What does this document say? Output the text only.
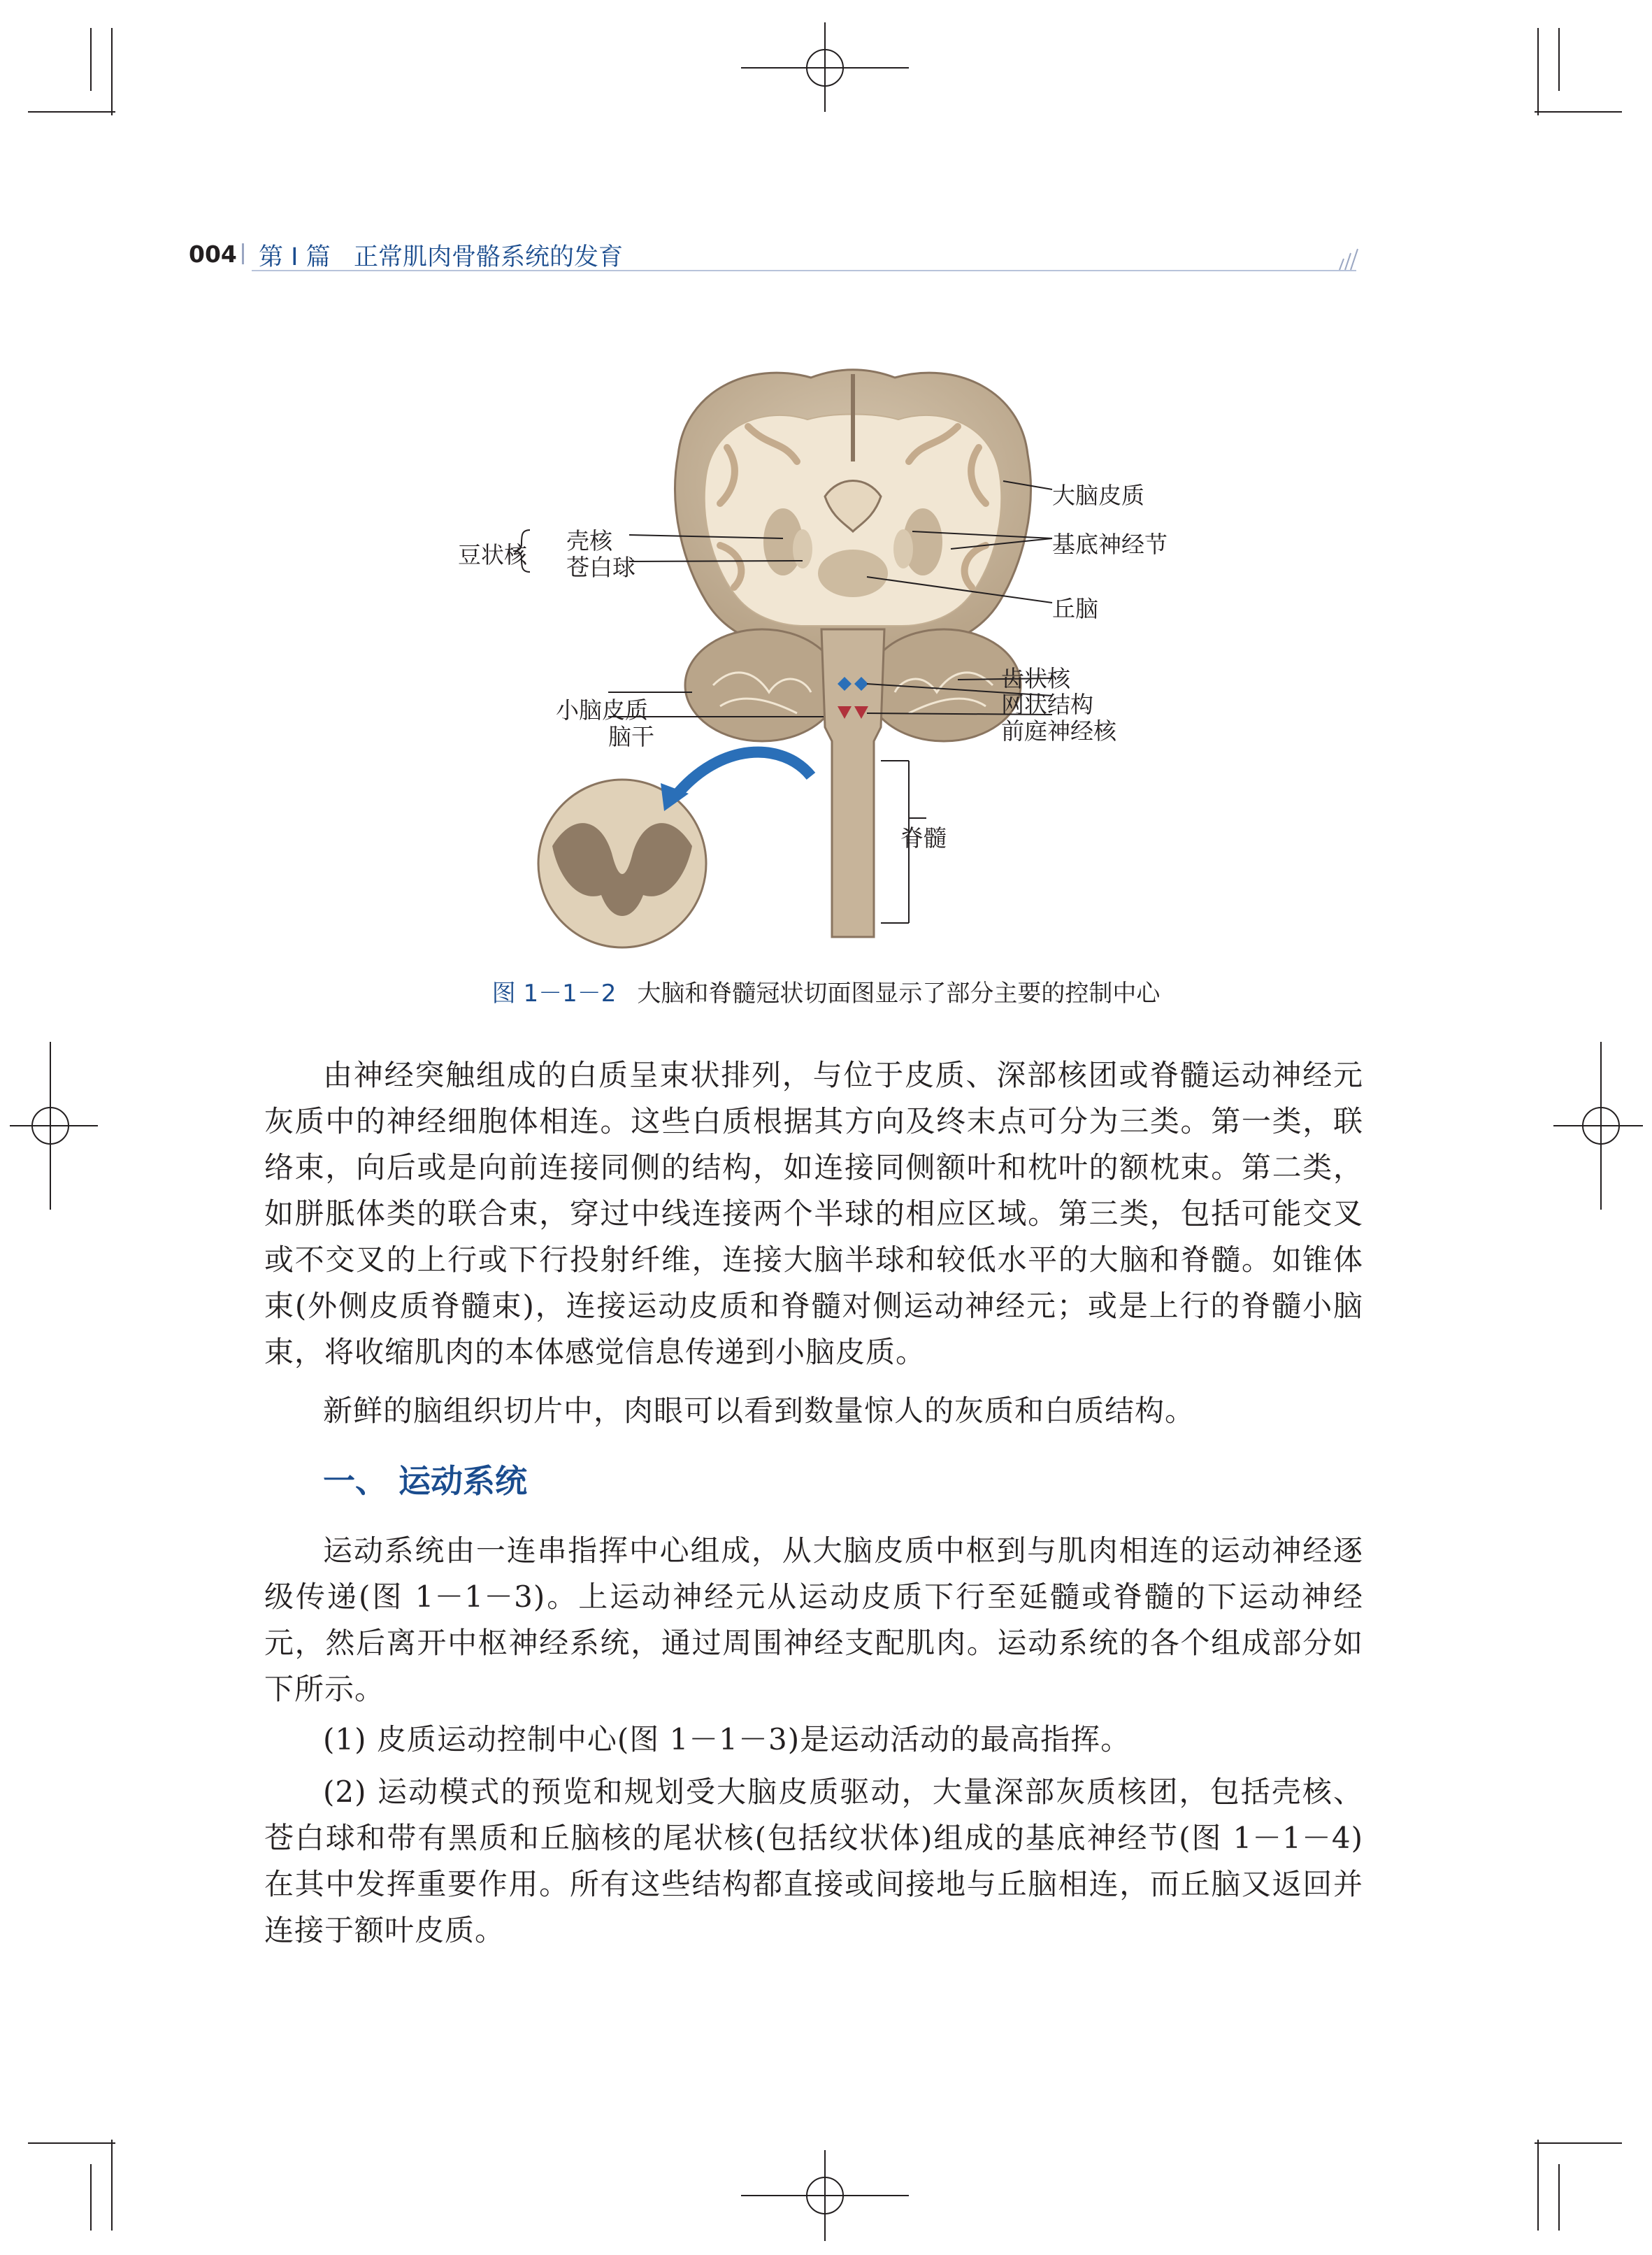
004 第 Ⅰ 篇   正常肌肉骨骼系统的发育
大脑皮质
基底神经节
丘脑
豆状核
壳核
苍白球
齿状核
网状结构
前庭神经核
小脑皮质
脑干
脊髓
图 1－1－2 大脑和脊髓冠状切面图显示了部分主要的控制中心

由神经突触组成的白质呈束状排列，与位于皮质、深部核团或脊髓运动神经元灰质中的神经细胞体相连。这些白质根据其方向及终末点可分为三类。第一类，联络束，向后或是向前连接同侧的结构，如连接同侧额叶和枕叶的额枕束。第二类，如胼胝体类的联合束，穿过中线连接两个半球的相应区域。第三类，包括可能交叉或不交叉的上行或下行投射纤维，连接大脑半球和较低水平的大脑和脊髓。如锥体束(外侧皮质脊髓束)，连接运动皮质和脊髓对侧运动神经元；或是上行的脊髓小脑束，将收缩肌肉的本体感觉信息传递到小脑皮质。

新鲜的脑组织切片中，肉眼可以看到数量惊人的灰质和白质结构。

一、 运动系统

运动系统由一连串指挥中心组成，从大脑皮质中枢到与肌肉相连的运动神经逐级传递(图 1－1－3)。上运动神经元从运动皮质下行至延髓或脊髓的下运动神经元，然后离开中枢神经系统，通过周围神经支配肌肉。运动系统的各个组成部分如下所示。

(1) 皮质运动控制中心(图 1－1－3)是运动活动的最高指挥。

(2) 运动模式的预览和规划受大脑皮质驱动，大量深部灰质核团，包括壳核、苍白球和带有黑质和丘脑核的尾状核(包括纹状体)组成的基底神经节(图 1－1－4)在其中发挥重要作用。所有这些结构都直接或间接地与丘脑相连，而丘脑又返回并连接于额叶皮质。
